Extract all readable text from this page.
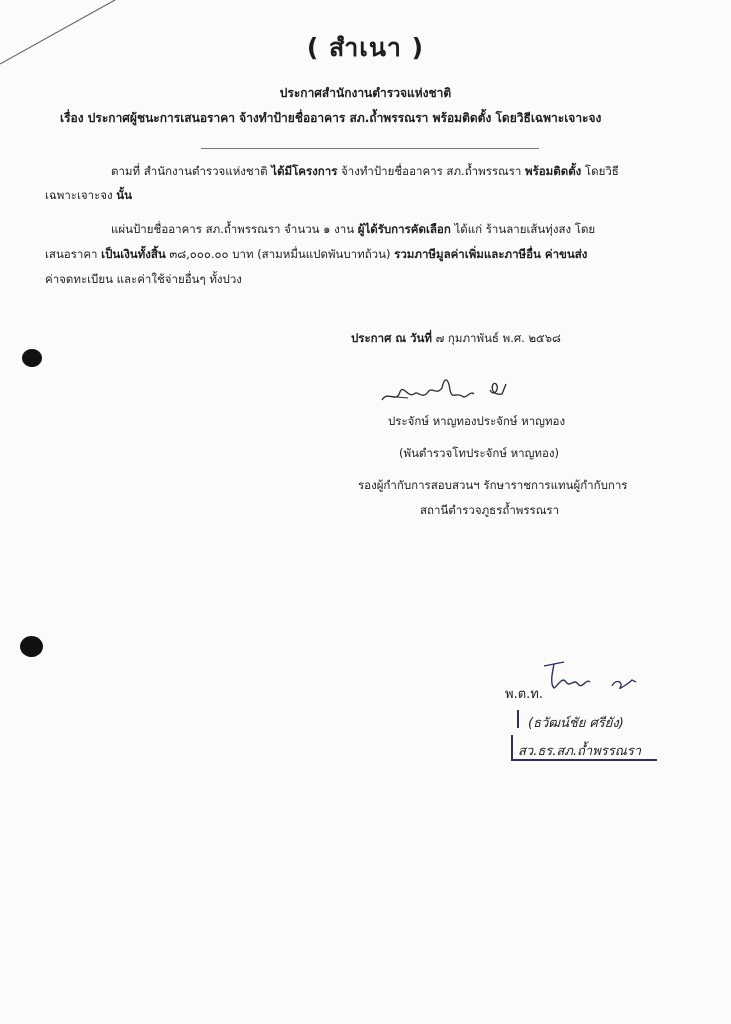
( สำเนา )
ประกาศสำนักงานตำรวจแห่งชาติ
เรื่อง ประกาศผู้ชนะการเสนอราคา จ้างทำป้ายชื่ออาคาร สภ.ถ้ำพรรณรา พร้อมติดตั้ง โดยวิธีเฉพาะเจาะจง
ตามที่ สำนักงานตำรวจแห่งชาติ ได้มีโครงการ จ้างทำป้ายชื่ออาคาร สภ.ถ้ำพรรณรา พร้อมติดตั้ง โดยวิธี
เฉพาะเจาะจง นั้น
แผ่นป้ายชื่ออาคาร สภ.ถ้ำพรรณรา จำนวน ๑ งาน ผู้ได้รับการคัดเลือก ได้แก่ ร้านลายเส้นทุ่งสง โดย
เสนอราคา เป็นเงินทั้งสิ้น ๓๘,๐๐๐.๐๐ บาท (สามหมื่นแปดพันบาทถ้วน) รวมภาษีมูลค่าเพิ่มและภาษีอื่น ค่าขนส่ง
ค่าจดทะเบียน และค่าใช้จ่ายอื่นๆ ทั้งปวง
ประกาศ ณ วันที่ ๗ กุมภาพันธ์ พ.ศ. ๒๕๖๘
ประจักษ์ หาญทองประจักษ์ หาญทอง
(พันตำรวจโทประจักษ์ หาญทอง)
รองผู้กำกับการสอบสวนฯ รักษาราชการแทนผู้กำกับการ
สถานีตำรวจภูธรถ้ำพรรณรา
พ.ต.ท.
(ธวัฒน์ชัย ศรียัง)
สว.ธร.สภ.ถ้ำพรรณรา
